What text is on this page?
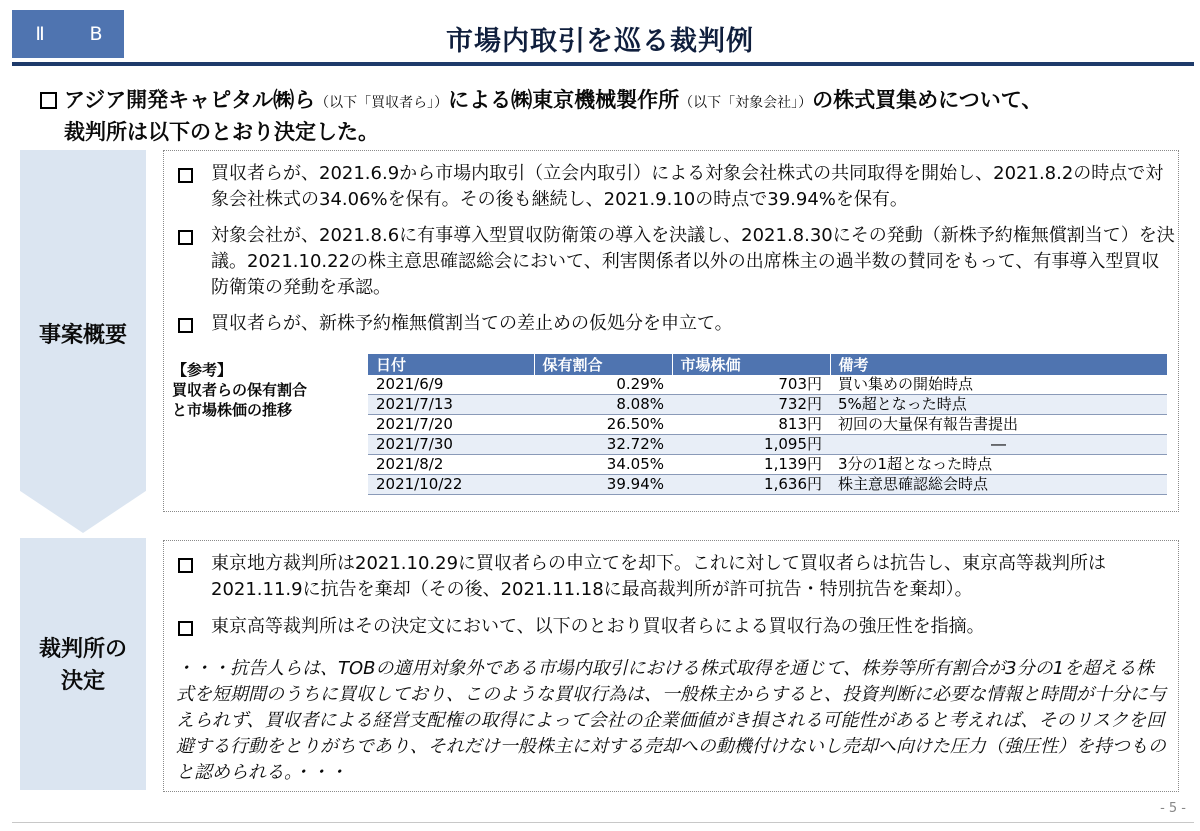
Ⅱ	B	市場内取引を巡る裁判例
アジア開発キャピタル㈱ら（以下「買収者ら」）による㈱東京機械製作所（以下「対象会社」）の株式買集めについて、
裁判所は以下のとおり決定した。
事案概要
買収者らが、2021.6.9から市場内取引（立会内取引）による対象会社株式の共同取得を開始し、2021.8.2の時点で対象会社株式の34.06%を保有。その後も継続し、2021.9.10の時点で39.94%を保有。
対象会社が、2021.8.6に有事導入型買収防衛策の導入を決議し、2021.8.30にその発動（新株予約権無償割当て）を決議。2021.10.22の株主意思確認総会において、利害関係者以外の出席株主の過半数の賛同をもって、有事導入型買収防衛策の発動を承認。
買収者らが、新株予約権無償割当ての差止めの仮処分を申立て。
【参考】
買収者らの保有割合
と市場株価の推移
日付	保有割合	市場株価	備考
2021/6/9	0.29%	703円	買い集めの開始時点
2021/7/13	8.08%	732円	5%超となった時点
2021/7/20	26.50%	813円	初回の大量保有報告書提出
2021/7/30	32.72%	1,095円	―
2021/8/2	34.05%	1,139円	3分の1超となった時点
2021/10/22	39.94%	1,636円	株主意思確認総会時点
裁判所の
決定
東京地方裁判所は2021.10.29に買収者らの申立てを却下。これに対して買収者らは抗告し、東京高等裁判所は2021.11.9に抗告を棄却（その後、2021.11.18に最高裁判所が許可抗告・特別抗告を棄却）。
東京高等裁判所はその決定文において、以下のとおり買収者らによる買収行為の強圧性を指摘。
・・・抗告人らは、TOBの適用対象外である市場内取引における株式取得を通じて、株券等所有割合が3分の1を超える株式を短期間のうちに買収しており、このような買収行為は、一般株主からすると、投資判断に必要な情報と時間が十分に与えられず、買収者による経営支配権の取得によって会社の企業価値がき損される可能性があると考えれば、そのリスクを回避する行動をとりがちであり、それだけ一般株主に対する売却への動機付けないし売却へ向けた圧力（強圧性）を持つものと認められる。・・・
- 5 -
